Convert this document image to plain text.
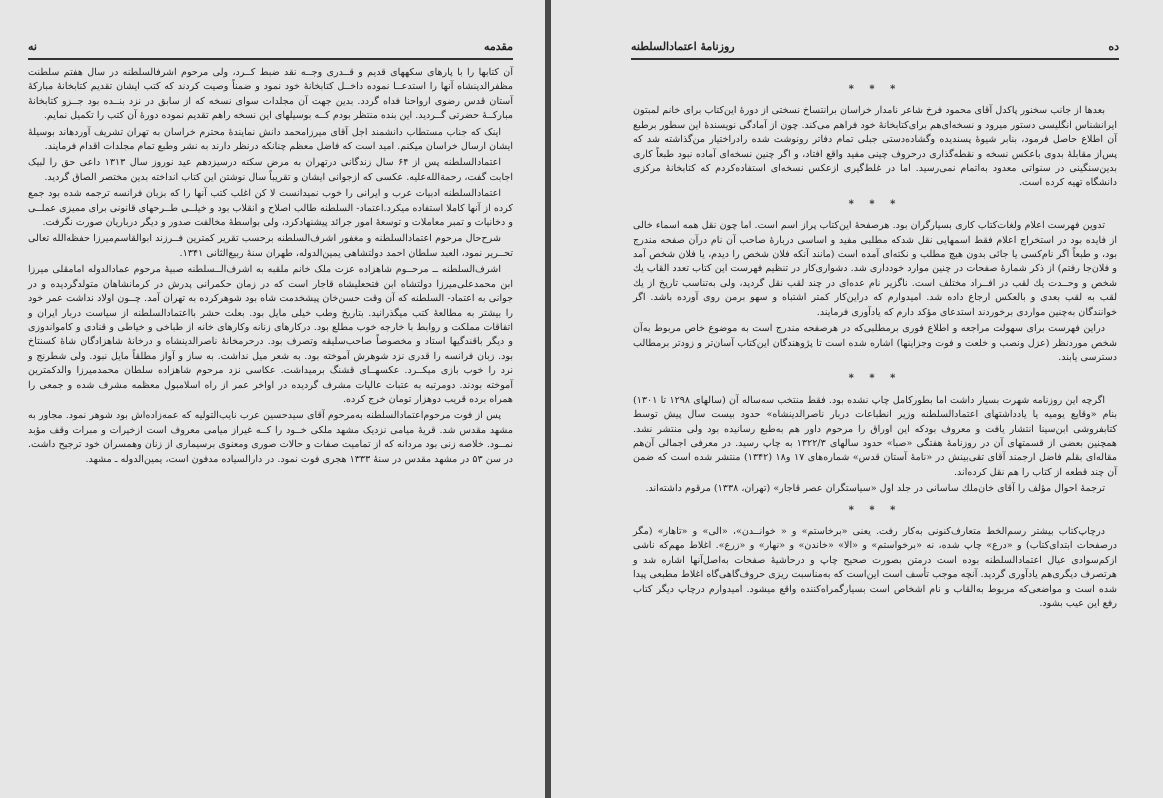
نه	مقدمه

آن کتابها را با پارهای سکههای قدیم و قــدری وجــه نقد ضبط کــرد، ولی مرحوم اشرفالسلطنه در سال هفتم سلطنت مظفرالدینشاه آنها را استدعــا نموده داخــل کتابخانهٔ خود نمود و ضمناً وصیت کردند که کتب ایشان تقدیم کتابخانهٔ مبارکهٔ آستان قدس رضوی ارواحنا فداه گردد. بدین جهت آن مجلدات سوای نسخه که از سابق در نزد بنــده بود جــزو کتابخانهٔ مبارکــهٔ حضرتی گــردید. این بنده منتظر بودم کــه بوسیلهای این نسخه راهم تقدیم نموده دورهٔ آن کتب را تکمیل نمایم.

اینک که جناب مستطاب دانشمند اجل آقای میرزامحمد دانش نمایندهٔ محترم خراسان به تهران تشریف آوردهاند بوسیلهٔ ایشان ارسال خراسان میکنم. امید است که فاضل معظم چنانکه درنظر دارند به نشر وطبع تمام مجلدات اقدام فرمایند.

اعتمادالسلطنه پس از ۶۴ سال زندگانی درتهران به مرض سکته درسیزدهم عید نوروز سال ۱۳۱۳ داعی حق را لبیک اجابت گفت، رحمةالله‌علیه. عکسی که ازجوانی ایشان و تقریباً سال نوشتن این کتاب انداخته بدین مختصر الصاق گردید.

اعتمادالسلطنه ادبیات عرب و ایرانی را خوب نمیدانست لا کن اغلب کتب آنها را که بزبان فرانسه ترجمه شده بود جمع کرده از آنها کاملا استفاده میکرد.اعتماد- السلطنه طالب اصلاح و انقلاب بود و خیلــی طــرحهای قانونی برای ممیزی عملــی و دخانیات و تمبر معاملات و توسعهٔ امور جرائد پیشنهادکرد، ولی بواسطهٔ مخالفت صدور و دیگر درباریان صورت نگرفت.

شرح‌حال مرحوم اعتمادالسلطنه و مغفور اشرف‌السلطنه برحسب تقریر کمترین فــرزند ابوالقاسم‌میرزا حفظه‌الله تعالی تحــریر نمود، العبد سلطان احمد دولتشاهی یمین‌الدوله، طهران سنهٔ ربیع‌الثانی ۱۳۴۱.

اشرف‌السلطنه ــ مرحــوم شاهزاده عزت ملک خانم ملقبه به اشرف‌الــسلطنه صبیهٔ مرحوم عمادالدوله امامقلی میرزا ابن محمدعلی‌میرزا دولتشاه ابن فتحعلیشاه قاجار است که در زمان حکمرانی پدرش در کرمانشاهان متولدگردیده و در جوانی به اعتماد- السلطنه که آن وقت حسن‌خان پیشخدمت شاه بود شوهرکرده به تهران آمد. چــون اولاد نداشت عمر خود را بیشتر به مطالعهٔ کتب میگذرانید. بتاریخ وطب خیلی مایل بود. بعلت حشر بااعتمادالسلطنه از سیاست دربار ایران و اتفاقات مملکت و روابط با خارجه خوب مطلع بود. درکارهای زنانه وکارهای خانه از طباخی و خیاطی و قنادی و کامواندوزی و دیگر باقندگیها استاد و مخصوصاً صاحب‌سلیقه وتصرف بود. درحرمخانهٔ ناصرالدینشاه و درخانهٔ شاهزادگان شاهٔ کسنتاخ بود. زبان فرانسه را قدری نزد شوهرش آموخته بود. به شعر میل نداشت. به ساز و آواز مطلقاً مایل نبود. ولی شطرنج و نرد را خوب بازی میکــرد. عکسهــای قشنگ برمیداشت. عکاسی نزد مرحوم شاهزاده سلطان محمدمیرزا والدکمترین آموخته بودند. دومرتبه به عتبات عالیات مشرف گردیده در اواخر عمر از راه اسلامبول معظمه مشرف شده و جمعی را همراه برده قریب دوهزار تومان خرج کرده.

پس از فوت مرحوم‌اعتمادالسلطنه به‌مرحوم آقای سیدحسین عرب نایب‌التولیه که عمه‌زاده‌اش بود شوهر نمود. مجاور به مشهد مقدس شد. قریهٔ میامی نزدیک مشهد ملکی خــود را کــه غیراز میامی معروف است ازخیرات و مبرات وقف مؤبد نمــود. خلاصه زنی بود مردانه که از تمامیت صفات و حالات صوری ومعنوی برسیماری از زنان وهمسران خود ترجیح داشت. در سن ۵۳ در مشهد مقدس در سنهٔ ۱۳۳۳ هجری فوت نمود. در دارالسیاده مدفون است، یمین‌الدوله ـ مشهد.

روزنامهٔ اعتمادالسلطنه	ده
* * *

بعدها از جانب سخنور پاکدل آقای محمود فرخ شاعر نامدار خراسان برانتساخ نسختی از دورهٔ این‌کتاب برای خانم لمبتون ایرانشناس انگلیسی دستور میرود و نسخه‌ای‌هم برای‌کتابخانهٔ خود فراهم می‌کند. چون از آمادگی نویسندهٔ این سطور برطبع آن اطلاع حاصل فرمود، بنابر شیوهٔ پسندیده وگشاده‌دستی جبلی تمام دفاتر رونوشت شده رادراختیار من‌گذاشته شد که پس‌از مقابلهٔ بدوی باعکس نسخه و نقطه‌گذاری درحروف چینی مفید واقع افتاد، و اگر چنین نسخه‌ای آماده نبود طبعاً کاری بدین‌سنگینی در سنواتی معدود به‌اتمام نمی‌رسید. اما در غلط‌گیری ازعکس نسخه‌ای استفاده‌کردم که کتابخانهٔ مرکزی دانشگاه تهیه کرده است.

* * *

تدوین فهرست اعلام ولغات‌کتاب کاری بسیارگران بود. هرصفحهٔ این‌کتاب پراز اسم است. اما چون نقل همه اسماء خالی از فایده بود در استخراج اعلام فقط اسمهایی نقل شدکه مطلبی مفید و اساسی دربارهٔ صاحب آن نام درآن صفحه مندرج بود، و طبعاً اگر نام‌کسی یا جائی بدون هیچ مطلب و نکته‌ای آمده است (مانند آنکه فلان شخص را دیدم، یا فلان شخص آمد و فلان‌جا رفتم) از ذکر شمارهٔ صفحات در چنین موارد خودداری شد. دشواری‌کار در تنظیم فهرست این کتاب تعدد القاب یك شخص و وحــدت یك لقب در افــراد مختلف است. ناگزیر نام عده‌ای در چند لقب نقل گردید، ولی به‌تناسب تاریخ از یك لقب به لقب بعدی و بالعکس ارجاع داده شد. امیدوارم که دراین‌کار کمتر اشتباه و سهو برمن روی آورده باشد. اگر خوانندگان به‌چنین مواردی برخوردند استدعای مؤکد دارم که یادآوری فرمایند.

دراین فهرست برای سهولت مراجعه و اطلاع فوری برمطلبی‌که در هرصفحه مندرج است به موضوع خاص مربوط به‌آن شخص موردنظر (عزل ونصب و خلعت و فوت وجزاینها) اشاره شده است تا پژوهندگان این‌کتاب آسان‌تر و زودتر برمطالب دسترسی یابند.

* * *

اگرچه این روزنامه شهرت بسیار داشت اما بطورکامل چاپ نشده بود. فقط منتخب سه‌ساله آن (سالهای ۱۲۹۸ تا ۱۳۰۱) بنام «وقایع یومیه یا یادداشتهای اعتمادالسلطنه وزیر انطباعات دربار ناصرالدینشاه» حدود بیست سال پیش توسط کتابفروشی ابن‌سینا انتشار یافت و معروف بودکه این اوراق را مرحوم داور هم به‌طبع رسانیده بود ولی منتشر نشد. همچنین بعضی از قسمتهای آن در روزنامهٔ هفتگی «صبا» حدود سالهای ۱۳۲۲/۳ به چاپ رسید. در معرفی اجمالی آن‌هم مقاله‌ای بقلم فاضل ارجمند آقای تقی‌بینش در «نامهٔ آستان قدس» شماره‌های ۱۷ و۱۸ (۱۳۴۲) منتشر شده است که ضمن آن چند قطعه از کتاب را هم نقل کرده‌اند.

ترجمهٔ احوال مؤلف را آقای خان‌ملك ساسانی در جلد اول «سیاستگران عصر قاجار» (تهران، ۱۳۳۸) مرقوم داشته‌اند.

* * *

درچاپ‌کتاب بیشتر رسم‌الخط متعارف‌کنونی به‌کار رفت. یعنی «برخاستم» و « خوانــدن»، «الی» و «تاهار» (مگر درصفحات ابتدای‌کتاب) و «درع» چاپ شده، نه «برخواستم» و «الا» «خاندن» و «نهار» و «زرع». اغلاط مهم‌که ناشی ازکم‌سوادی عیال اعتمادالسلطنه بوده است درمتن بصورت صحیح چاپ و درحاشیهٔ صفحات به‌اصل‌آنها اشاره شد و هرتصرف دیگری‌هم یادآوری گردید. آنچه موجب تأسف است این‌است که به‌مناسبت ریزی حروف‌گاهی‌گاه اغلاط مطبعی پیدا شده است و مواضعی‌که مربوط به‌القاب و نام اشخاص است بسیارگمراه‌کننده واقع میشود. امیدوارم درچاپ دیگر کتاب رفع این عیب بشود.
